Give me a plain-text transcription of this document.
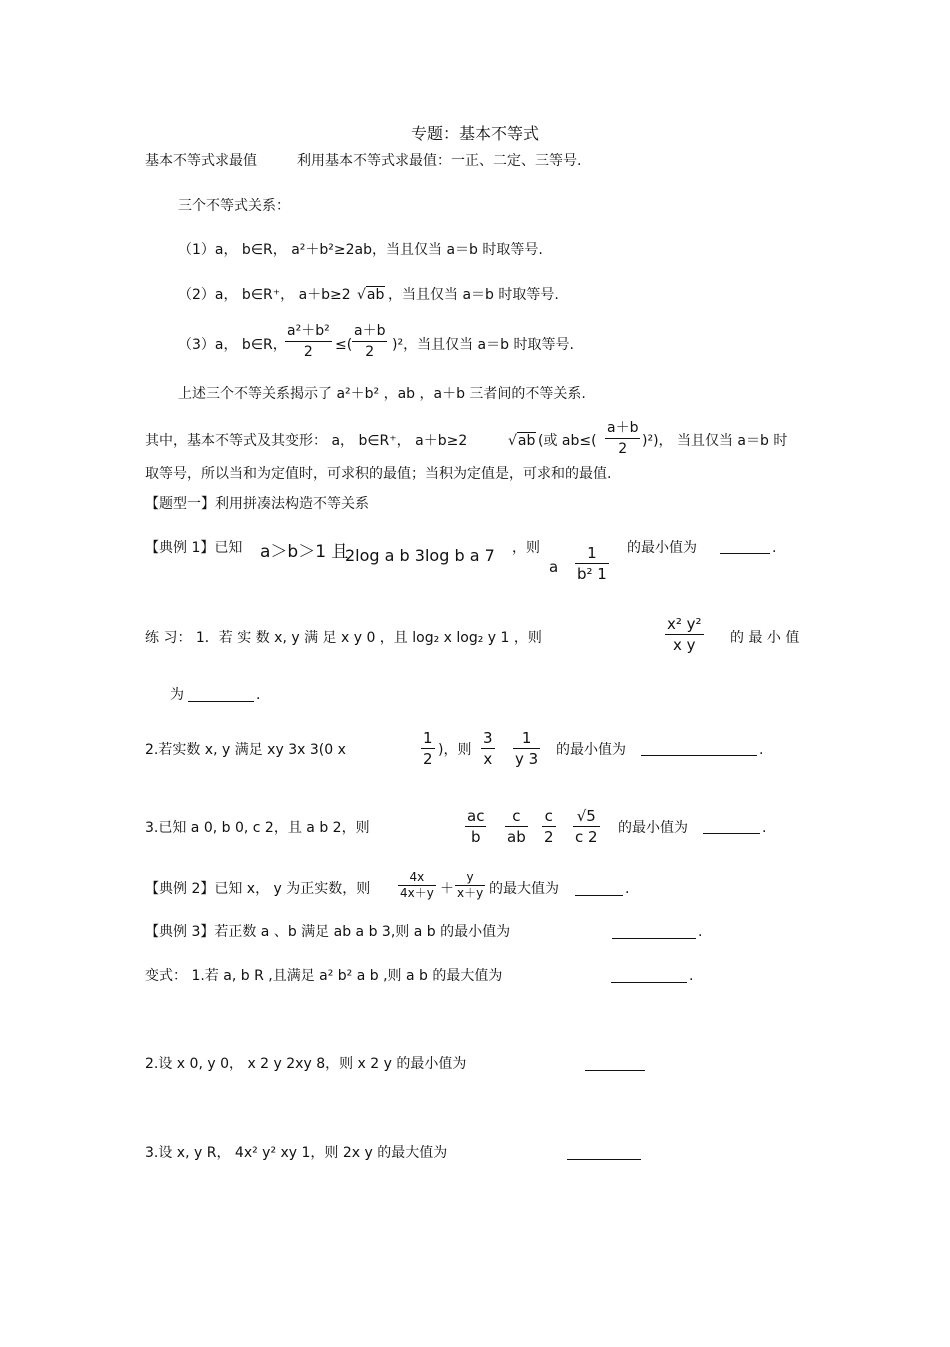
专题：基本不等式
基本不等式求最值	利用基本不等式求最值：一正、二定、三等号.
三个不等式关系：
（1）a， b∈R， a²＋b²≥2ab，当且仅当 a＝b 时取等号.
（2）a， b∈R⁺， a＋b≥2 √ab ，当且仅当 a＝b 时取等号.
（3）a， b∈R，
$\frac{\text{a²＋b²}}{2}$ ≤( $\frac{a+b}{2} )^2$，当且仅当 a＝b 时取等号.
上述三个不等关系揭示了 a²＋b² ，ab ，a＋b 三者间的不等关系.
其中，基本不等式及其变形： a， b∈R⁺， a＋b≥2	√ab (或 $ab\le( \frac{a+b}{2} )^2$)， 当且仅当 a＝b 时
取等号，所以当和为定值时，可求积的最值；当积为定值是，可求和的最值.
【题型一】利用拼凑法构造不等关系
【典例 1】已知 a＞b＞1 且
2log a b 3log b a 7 ，则
a $\frac{1}{\text{b² 1}}$ 的最小值为	.
练 习： 1．若 实 数 x, y 满 足 x y 0 ，且 log₂ x log₂ y 1 ，则	$\frac{\text{x² y²}}{\text{x y}}$ 的 最 小 值
为	.
2.若实数 x, y 满足 xy 3x 3(0 x	$\frac{1}{2}$ )，则 $\frac{3}{x} \frac{1}{y 3}$ 的最小值为	.
3.已知 a 0, b 0, c 2，且 a b 2，则	$\frac{ac}{b} \frac{c}{ab} \frac{c}{2} \frac{√5}{c 2}$ 的最小值为	.
【典例 2】已知 x， y 为正实数，则 $\frac{4x}{4x+y} + \frac{y}{x+y}$ 的最大值为	.
【典例 3】若正数 a 、b 满足 ab a b 3,则 a b 的最小值为	.
变式： 1.若 a, b R ,且满足 a² b² a b ,则 a b 的最大值为	.
2.设 x 0, y 0， x 2 y 2xy 8，则 x 2 y 的最小值为
3.设 x, y R， 4x² y² xy 1，则 2x y 的最大值为
